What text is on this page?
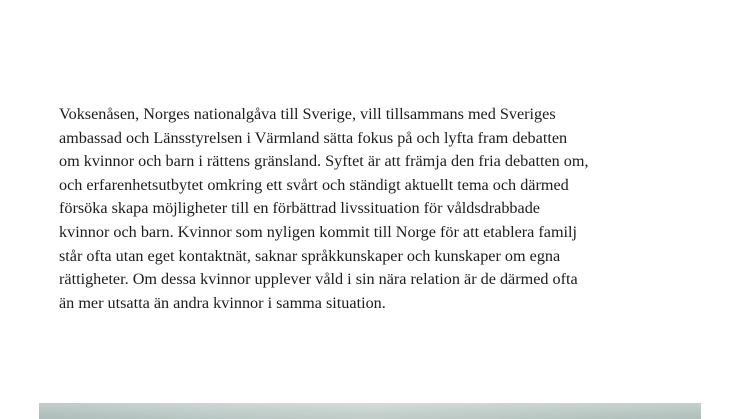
Voksenåsen, Norges nationalgåva till Sverige, vill tillsammans med Sveriges
ambassad och Länsstyrelsen i Värmland sätta fokus på och lyfta fram debatten
om kvinnor och barn i rättens gränsland. Syftet är att främja den fria debatten om,
och erfarenhetsutbytet omkring ett svårt och ständigt aktuellt tema och därmed
försöka skapa möjligheter till en förbättrad livssituation för våldsdrabbade
kvinnor och barn. Kvinnor som nyligen kommit till Norge för att etablera familj
står ofta utan eget kontaktnät, saknar språkkunskaper och kunskaper om egna
rättigheter. Om dessa kvinnor upplever våld i sin nära relation är de därmed ofta
än mer utsatta än andra kvinnor i samma situation.
